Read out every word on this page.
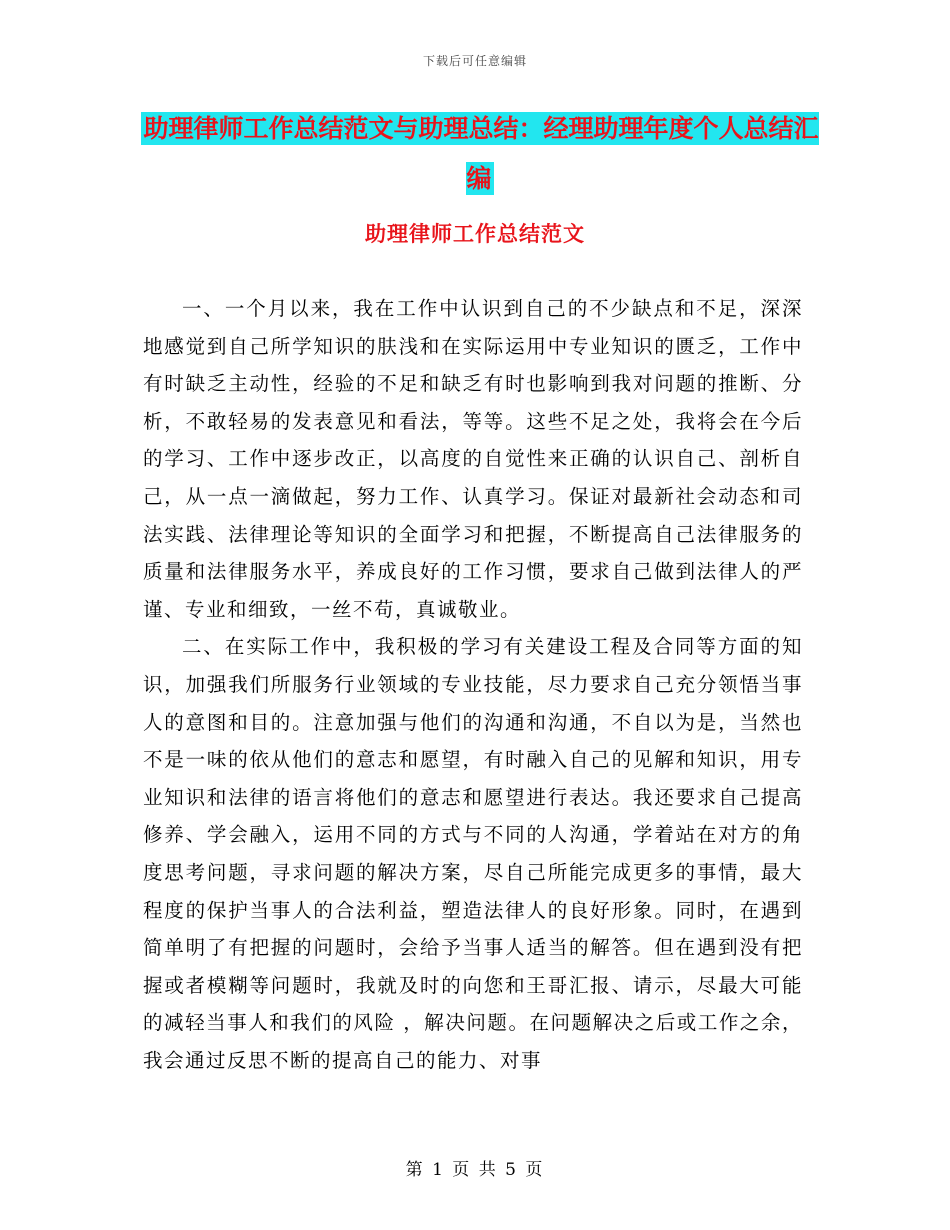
下载后可任意编辑
助理律师工作总结范文与助理总结：经理助理年度个人总结汇编
助理律师工作总结范文

一、一个月以来，我在工作中认识到自己的不少缺点和不足，深深地感觉到自己所学知识的肤浅和在实际运用中专业知识的匮乏，工作中有时缺乏主动性，经验的不足和缺乏有时也影响到我对问题的推断、分析，不敢轻易的发表意见和看法，等等。这些不足之处，我将会在今后的学习、工作中逐步改正，以高度的自觉性来正确的认识自己、剖析自己，从一点一滴做起，努力工作、认真学习。保证对最新社会动态和司法实践、法律理论等知识的全面学习和把握，不断提高自己法律服务的质量和法律服务水平，养成良好的工作习惯，要求自己做到法律人的严谨、专业和细致，一丝不苟，真诚敬业。

二、在实际工作中，我积极的学习有关建设工程及合同等方面的知识，加强我们所服务行业领域的专业技能，尽力要求自己充分领悟当事人的意图和目的。注意加强与他们的沟通和沟通，不自以为是，当然也不是一味的依从他们的意志和愿望，有时融入自己的见解和知识，用专业知识和法律的语言将他们的意志和愿望进行表达。我还要求自己提高修养、学会融入，运用不同的方式与不同的人沟通，学着站在对方的角度思考问题，寻求问题的解决方案，尽自己所能完成更多的事情，最大程度的保护当事人的合法利益，塑造法律人的良好形象。同时，在遇到简单明了有把握的问题时，会给予当事人适当的解答。但在遇到没有把握或者模糊等问题时，我就及时的向您和王哥汇报、请示，尽最大可能的减轻当事人和我们的风险 ，解决问题。在问题解决之后或工作之余，我会通过反思不断的提高自己的能力、对事

第 1 页 共 5 页
